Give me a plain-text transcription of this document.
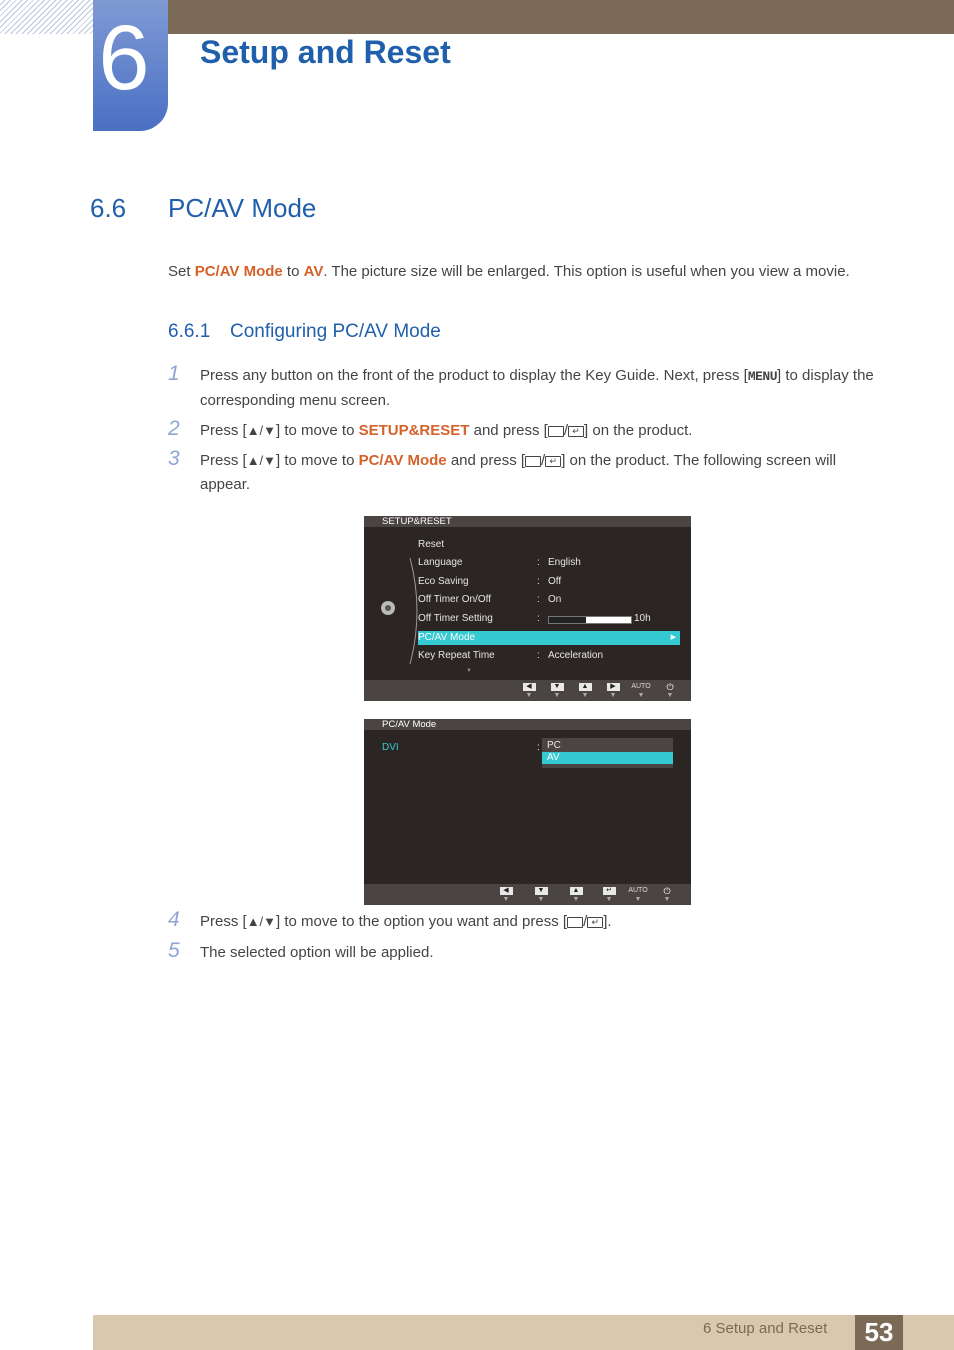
6 Setup and Reset
6.6 PC/AV Mode
Set PC/AV Mode to AV. The picture size will be enlarged. This option is useful when you view a movie.
6.6.1 Configuring PC/AV Mode
1 Press any button on the front of the product to display the Key Guide. Next, press [MENU] to display the corresponding menu screen.
2 Press [▲/▼] to move to SETUP&RESET and press [ / ↵ ] on the product.
3 Press [▲/▼] to move to PC/AV Mode and press [ / ↵ ] on the product. The following screen will appear.
SETUP&RESET
Reset
Language	: English
Eco Saving	: Off
Off Timer On/Off	: On
Off Timer Setting	:	10h
PC/AV Mode	▶
Key Repeat Time	: Acceleration
▼
◀
▼
▼
▼
▲
▼
▶
▼
AUTO
▼
⏻
▼
PC/AV Mode
DVI	: PC
AV
◀
▼
▼
▼
▲
▼
↵
▼
AUTO
▼
⏻
▼
4 Press [▲/▼] to move to the option you want and press [ / ↵ ].
5 The selected option will be applied.
6 Setup and Reset	53
